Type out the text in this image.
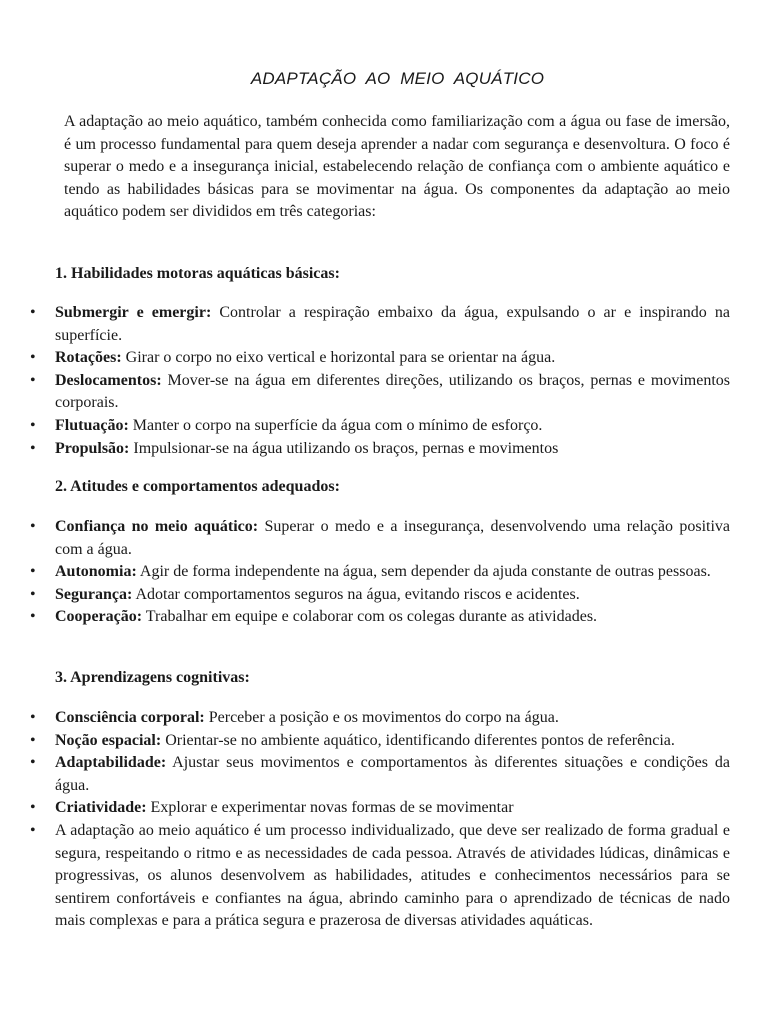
ADAPTAÇÃO  AO  MEIO  AQUÁTICO

A adaptação ao meio aquático, também conhecida como familiarização com a água ou fase de imersão, é um processo fundamental para quem deseja aprender a nadar com segurança e desenvoltura. O foco é superar o medo e a insegurança inicial, estabelecendo relação de confiança com o ambiente aquático e tendo as habilidades básicas para se movimentar na água. Os componentes da adaptação ao meio aquático podem ser divididos em três categorias:

1. Habilidades motoras aquáticas básicas:

• Submergir e emergir: Controlar a respiração embaixo da água, expulsando o ar e inspirando na superfície.
• Rotações: Girar o corpo no eixo vertical e horizontal para se orientar na água.
• Deslocamentos: Mover-se na água em diferentes direções, utilizando os braços, pernas e movimentos corporais.
• Flutuação: Manter o corpo na superfície da água com o mínimo de esforço.
• Propulsão: Impulsionar-se na água utilizando os braços, pernas e movimentos

2. Atitudes e comportamentos adequados:

• Confiança no meio aquático: Superar o medo e a insegurança, desenvolvendo uma relação positiva com a água.
• Autonomia: Agir de forma independente na água, sem depender da ajuda constante de outras pessoas.
• Segurança: Adotar comportamentos seguros na água, evitando riscos e acidentes.
• Cooperação: Trabalhar em equipe e colaborar com os colegas durante as atividades.

3. Aprendizagens cognitivas:

• Consciência corporal: Perceber a posição e os movimentos do corpo na água.
• Noção espacial: Orientar-se no ambiente aquático, identificando diferentes pontos de referência.
• Adaptabilidade: Ajustar seus movimentos e comportamentos às diferentes situações e condições da água.
• Criatividade: Explorar e experimentar novas formas de se movimentar
• A adaptação ao meio aquático é um processo individualizado, que deve ser realizado de forma gradual e segura, respeitando o ritmo e as necessidades de cada pessoa. Através de atividades lúdicas, dinâmicas e progressivas, os alunos desenvolvem as habilidades, atitudes e conhecimentos necessários para se sentirem confortáveis e confiantes na água, abrindo caminho para o aprendizado de técnicas de nado mais complexas e para a prática segura e prazerosa de diversas atividades aquáticas.
